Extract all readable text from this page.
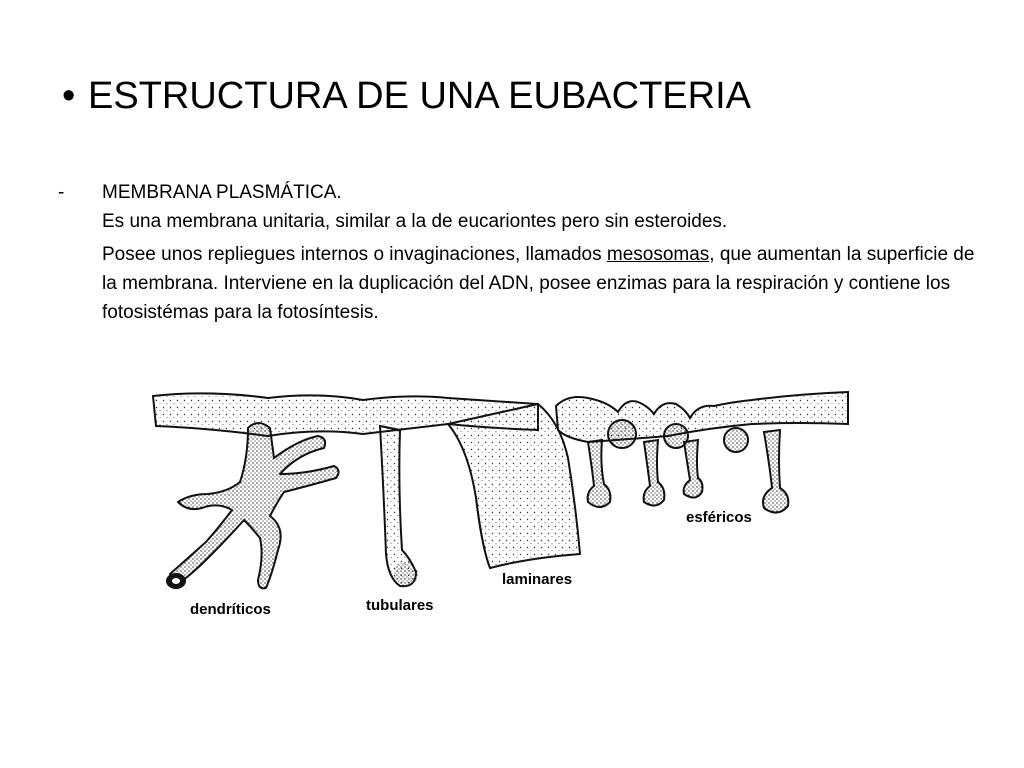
• ESTRUCTURA DE UNA EUBACTERIA
- MEMBRANA PLASMÁTICA.

Es una membrana unitaria, similar a la de eucariontes pero sin esteroides.

Posee unos repliegues internos o invaginaciones, llamados mesosomas, que aumentan la superficie de la membrana. Interviene en la duplicación del ADN, posee enzimas para la respiración y contiene los fotosistémas para la fotosíntesis.

dendríticos	tubulares
laminares
esféricos
